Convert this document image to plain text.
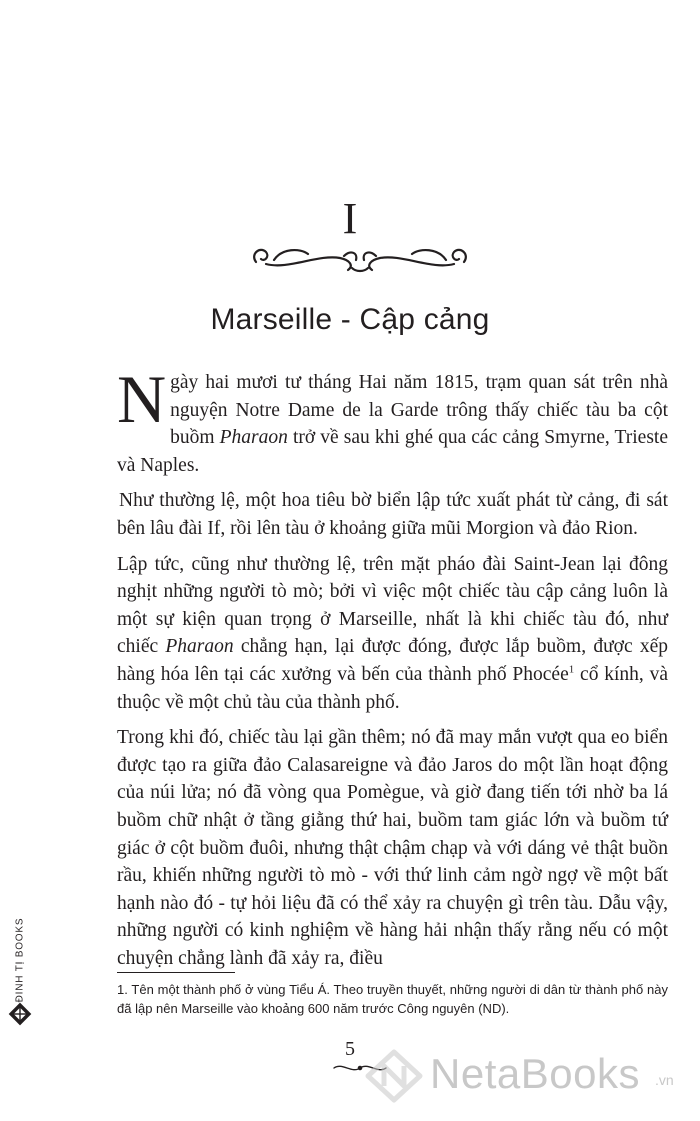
I
Marseille - Cập cảng

Ngày hai mươi tư tháng Hai năm 1815, trạm quan sát trên nhà nguyện Notre Dame de la Garde trông thấy chiếc tàu ba cột buồm Pharaon trở về sau khi ghé qua các cảng Smyrne, Trieste và Naples.

Như thường lệ, một hoa tiêu bờ biển lập tức xuất phát từ cảng, đi sát bên lâu đài If, rồi lên tàu ở khoảng giữa mũi Morgion và đảo Rion.

Lập tức, cũng như thường lệ, trên mặt pháo đài Saint-Jean lại đông nghịt những người tò mò; bởi vì việc một chiếc tàu cập cảng luôn là một sự kiện quan trọng ở Marseille, nhất là khi chiếc tàu đó, như chiếc Pharaon chẳng hạn, lại được đóng, được lắp buồm, được xếp hàng hóa lên tại các xưởng và bến của thành phố Phocée$^1$ cổ kính, và thuộc về một chủ tàu của thành phố.

Trong khi đó, chiếc tàu lại gần thêm; nó đã may mắn vượt qua eo biển được tạo ra giữa đảo Calasareigne và đảo Jaros do một lần hoạt động của núi lửa; nó đã vòng qua Pomègue, và giờ đang tiến tới nhờ ba lá buồm chữ nhật ở tầng giằng thứ hai, buồm tam giác lớn và buồm tứ giác ở cột buồm đuôi, nhưng thật chậm chạp và với dáng vẻ thật buồn rầu, khiến những người tò mò - với thứ linh cảm ngờ ngợ về một bất hạnh nào đó - tự hỏi liệu đã có thể xảy ra chuyện gì trên tàu. Dẫu vậy, những người có kinh nghiệm về hàng hải nhận thấy rằng nếu có một chuyện chẳng lành đã xảy ra, điều

1. Tên một thành phố ở vùng Tiểu Á. Theo truyền thuyết, những người di dân từ thành phố này đã lập nên Marseille vào khoảng 600 năm trước Công nguyên (ND).
5
ĐINH TỊ BOOKS
NetaBooks .vn
